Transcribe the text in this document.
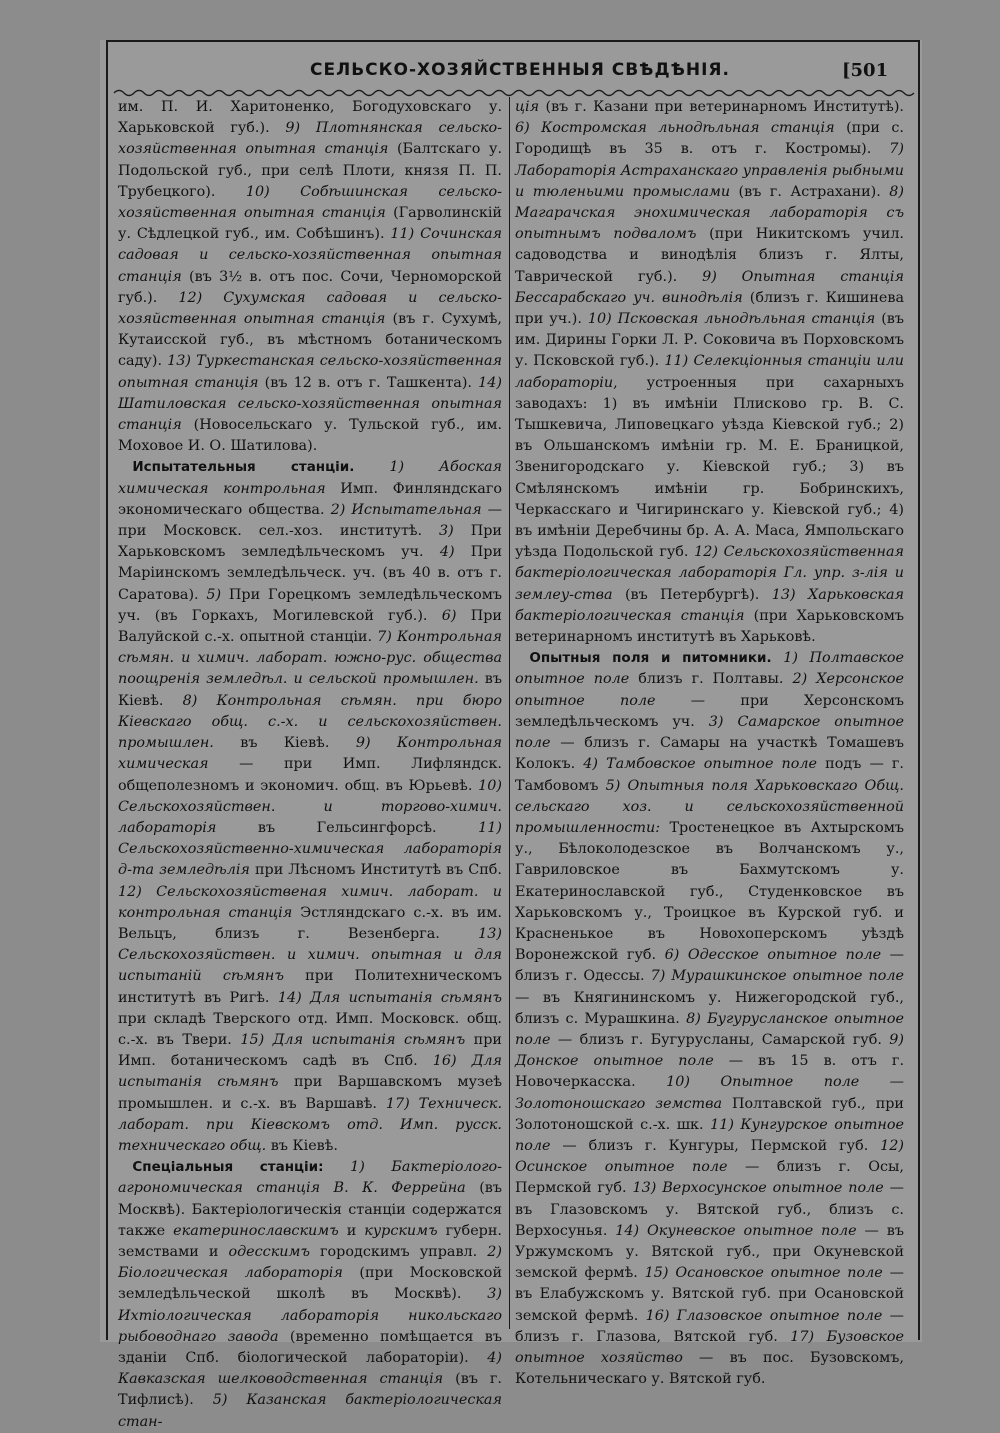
СЕЛЬСКО-ХОЗЯЙСТВЕННЫЯ СВѢДѢНІЯ.	[501

им. П. И. Харитоненко, Богодуховскаго у. Харьковской губ.). 9) Плотнянская сельско-хозяйственная опытная станція (Балтскаго у. Подольской губ., при селѣ Плоти, князя П. П. Трубецкого). 10) Собѣшинская сельско-хозяйственная опытная станція (Гарволинскій у. Сѣдлецкой губ., им. Собѣшинъ). 11) Сочинская садовая и сельско-хозяйственная опытная станція (въ 3½ в. отъ пос. Сочи, Черноморской губ.). 12) Сухумская садовая и сельско-хозяйственная опытная станція (въ г. Сухумѣ, Кутаисской губ., въ мѣстномъ ботаническомъ саду). 13) Туркестанская сельско-хозяйственная опытная станція (въ 12 в. отъ г. Ташкента). 14) Шатиловская сельско-хозяйственная опытная станція (Новосельскаго у. Тульской губ., им. Моховое И. О. Шатилова).
 Испытательныя станціи. 1) Абоская химическая контрольная Имп. Финляндскаго экономическаго общества. 2) Испытательная — при Московск. сел.-хоз. институтѣ. 3) При Харьковскомъ земледѣльческомъ уч. 4) При Маріинскомъ земледѣльческ. уч. (въ 40 в. отъ г. Саратова). 5) При Горецкомъ земледѣльческомъ уч. (въ Горкахъ, Могилевской губ.). 6) При Валуйской с.-х. опытной станціи. 7) Контрольная сѣмян. и химич. лаборат. южно-рус. общества поощренія земледѣл. и сельской промышлен. въ Кіевѣ. 8) Контрольная сѣмян. при бюро Кіевскаго общ. с.-х. и сельскохозяйствен. промышлен. въ Кіевѣ. 9) Контрольная химическая — при Имп. Лифляндск. общеполезномъ и экономич. общ. въ Юрьевѣ. 10) Сельскохозяйствен. и торгово-химич. лабораторія въ Гельсингфорсѣ. 11) Сельскохозяйственно-химическая лабораторія д-та земледѣлія при Лѣсномъ Институтѣ въ Спб. 12) Сельскохозяйственая химич. лаборат. и контрольная станція Эстляндскаго с.-х. въ им. Вельцъ, близъ г. Везенберга. 13) Сельскохозяйствен. и химич. опытная и для испытаній сѣмянъ при Политехническомъ институтѣ въ Ригѣ. 14) Для испытанія сѣмянъ при складѣ Тверского отд. Имп. Московск. общ. с.-х. въ Твери. 15) Для испытанія сѣмянъ при Имп. ботаническомъ садѣ въ Спб. 16) Для испытанія сѣмянъ при Варшавскомъ музеѣ промышлен. и с.-х. въ Варшавѣ. 17) Техническ. лаборат. при Кіевскомъ отд. Имп. русск. техническаго общ. въ Кіевѣ.
 Спеціальныя станціи: 1) Бактеріолого-агрономическая станція В. К. Феррейна (въ Москвѣ). Бактеріологическія станціи содержатся также екатеринославскимъ и курскимъ губерн. земствами и одесскимъ городскимъ управл. 2) Біологическая лабораторія (при Московской земледѣльческой школѣ въ Москвѣ). 3) Ихтіологическая лабораторія никольскаго рыбоводнаго завода (временно помѣщается въ зданіи Спб. біологической лабораторіи). 4) Кавказская шелководственная станція (въ г. Тифлисѣ). 5) Казанская бактеріологическая стан-

ція (въ г. Казани при ветеринарномъ Институтѣ). 6) Костромская льнодѣльная станція (при с. Городищѣ въ 35 в. отъ г. Костромы). 7) Лабораторія Астраханскаго управленія рыбными и тюленьими промыслами (въ г. Астрахани). 8) Магарачская энохимическая лабораторія съ опытнымъ подваломъ (при Никитскомъ учил. садоводства и винодѣлія близъ г. Ялты, Таврической губ.). 9) Опытная станція Бессарабскаго уч. винодѣлія (близъ г. Кишинева при уч.). 10) Псковская льнодѣльная станція (въ им. Дирины Горки Л. Р. Соковича въ Порховскомъ у. Псковской губ.). 11) Селекціонныя станціи или лабораторіи, устроенныя при сахарныхъ заводахъ: 1) въ имѣніи Плисково гр. В. С. Тышкевича, Липовецкаго уѣзда Кіевской губ.; 2) въ Ольшанскомъ имѣніи гр. М. Е. Браницкой, Звенигородскаго у. Кіевской губ.; 3) въ Смѣлянскомъ имѣніи гр. Бобринскихъ, Черкасскаго и Чигиринскаго у. Кіевской губ.; 4) въ имѣніи Деребчины бр. А. А. Маса, Ямпольскаго уѣзда Подольской губ. 12) Сельскохозяйственная бактеріологическая лабораторія Гл. упр. з-лія и землеу-ства (въ Петербургѣ). 13) Харьковская бактеріологическая станція (при Харьковскомъ ветеринарномъ институтѣ въ Харьковѣ.
 Опытныя поля и питомники. 1) Полтавское опытное поле близъ г. Полтавы. 2) Херсонское опытное поле — при Херсонскомъ земледѣльческомъ уч. 3) Самарское опытное поле — близъ г. Самары на участкѣ Томашевъ Колокъ. 4) Тамбовское опытное поле подъ — г. Тамбовомъ 5) Опытныя поля Харьковскаго Общ. сельскаго хоз. и сельскохозяйственной промышленности: Тростенецкое въ Ахтырскомъ у., Бѣлоколодезское въ Волчанскомъ у., Гавриловское въ Бахмутскомъ у. Екатеринославской губ., Студенковское въ Харьковскомъ у., Троицкое въ Курской губ. и Красненькое въ Новохоперскомъ уѣздѣ Воронежской губ. 6) Одесское опытное поле — близъ г. Одессы. 7) Мурашкинское опытное поле — въ Княгининскомъ у. Нижегородской губ., близъ с. Мурашкина. 8) Бугурусланское опытное поле — близъ г. Бугурусланы, Самарской губ. 9) Донское опытное поле — въ 15 в. отъ г. Новочеркасска. 10) Опытное поле — Золотоношскаго земства Полтавской губ., при Золотоношской с.-х. шк. 11) Кунгурское опытное поле — близъ г. Кунгуры, Пермской губ. 12) Осинское опытное поле — близъ г. Осы, Пермской губ. 13) Верхосунское опытное поле — въ Глазовскомъ у. Вятской губ., близъ с. Верхосунья. 14) Окуневское опытное поле — въ Уржумскомъ у. Вятской губ., при Окуневской земской фермѣ. 15) Осановское опытное поле — въ Елабужскомъ у. Вятской губ. при Осановской земской фермѣ. 16) Глазовское опытное поле — близъ г. Глазова, Вятской губ. 17) Бузовское опытное хозяйство — въ пос. Бузовскомъ, Котельническаго у. Вятской губ.
